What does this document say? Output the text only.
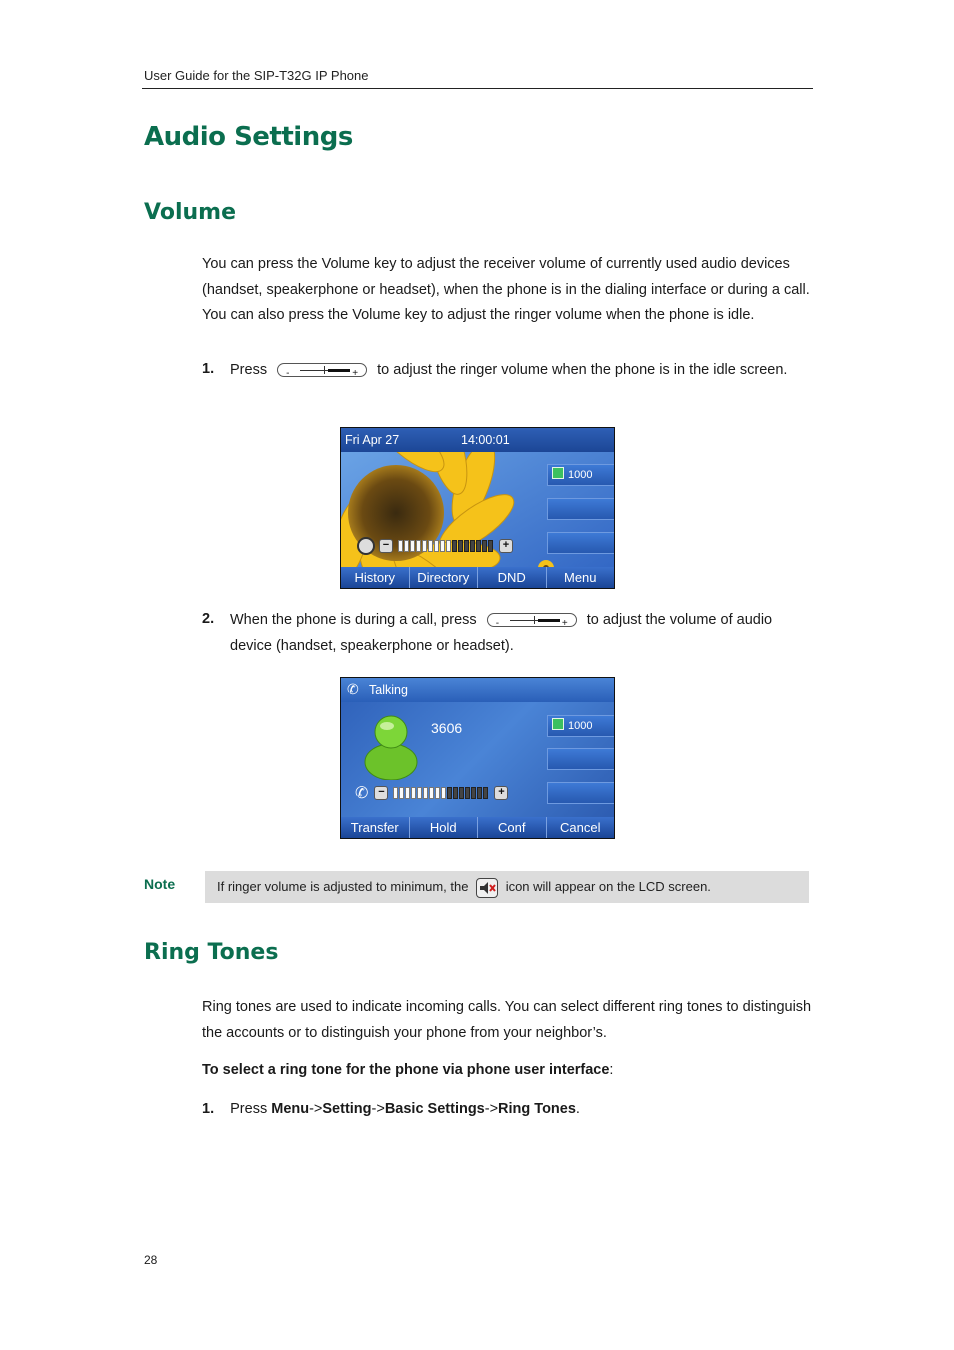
User Guide for the SIP-T32G IP Phone
Audio Settings
Volume
You can press the Volume key to adjust the receiver volume of currently used audio devices (handset, speakerphone or headset), when the phone is in the dialing interface or during a call. You can also press the Volume key to adjust the ringer volume when the phone is idle.
1. Press -	+ to adjust the ringer volume when the phone is in the idle screen.
Fri Apr 27	14:00:01
1000
−	+
History	Directory	DND	Menu
2. When the phone is during a call, press -	+ to adjust the volume of audio device (handset, speakerphone or headset).
✆ Talking
3606	1000
✆ −	+
Transfer	Hold	Conf	Cancel
Note	If ringer volume is adjusted to minimum, the	icon will appear on the LCD screen.
Ring Tones
Ring tones are used to indicate incoming calls. You can select different ring tones to distinguish the accounts or to distinguish your phone from your neighbor’s.
To select a ring tone for the phone via phone user interface:
1. Press Menu->Setting->Basic Settings->Ring Tones.
28
